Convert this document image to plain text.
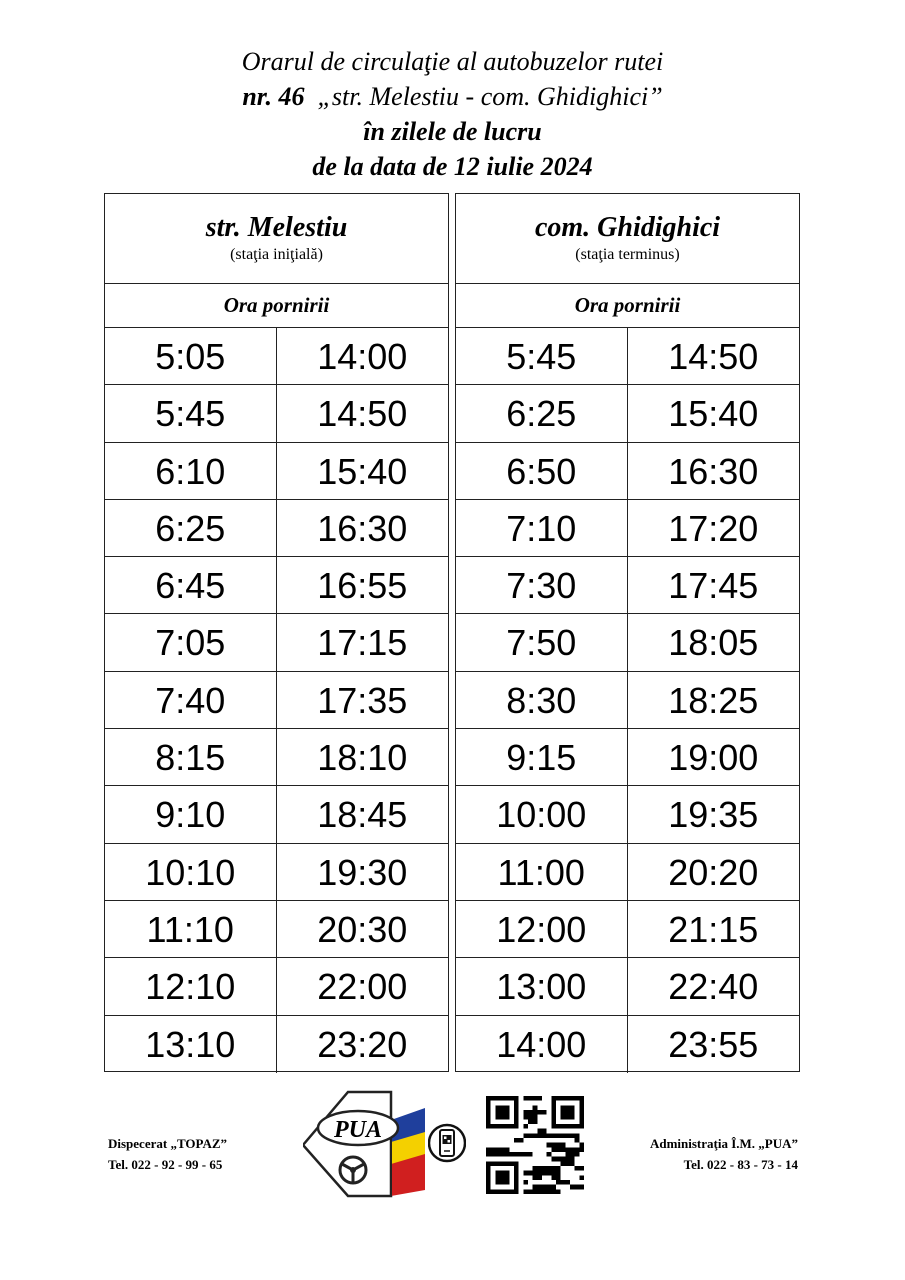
Orarul de circulaţie al autobuzelor rutei
nr. 46 „str. Melestiu - com. Ghidighici”
în zilele de lucru
de la data de 12 iulie 2024
str. Melestiu
(staţia iniţială)
Ora pornirii
5:05	14:00
5:45	14:50
6:10	15:40
6:25	16:30
6:45	16:55
7:05	17:15
7:40	17:35
8:15	18:10
9:10	18:45
10:10	19:30
11:10	20:30
12:10	22:00
13:10	23:20
com. Ghidighici
(staţia terminus)
Ora pornirii
5:45	14:50
6:25	15:40
6:50	16:30
7:10	17:20
7:30	17:45
7:50	18:05
8:30	18:25
9:15	19:00
10:00	19:35
11:00	20:20
12:00	21:15
13:00	22:40
14:00	23:55
Dispecerat „TOPAZ”
Tel. 022 - 92 - 99 - 65
PUA
Administraţia Î.M. „PUA”
Tel. 022 - 83 - 73 - 14
